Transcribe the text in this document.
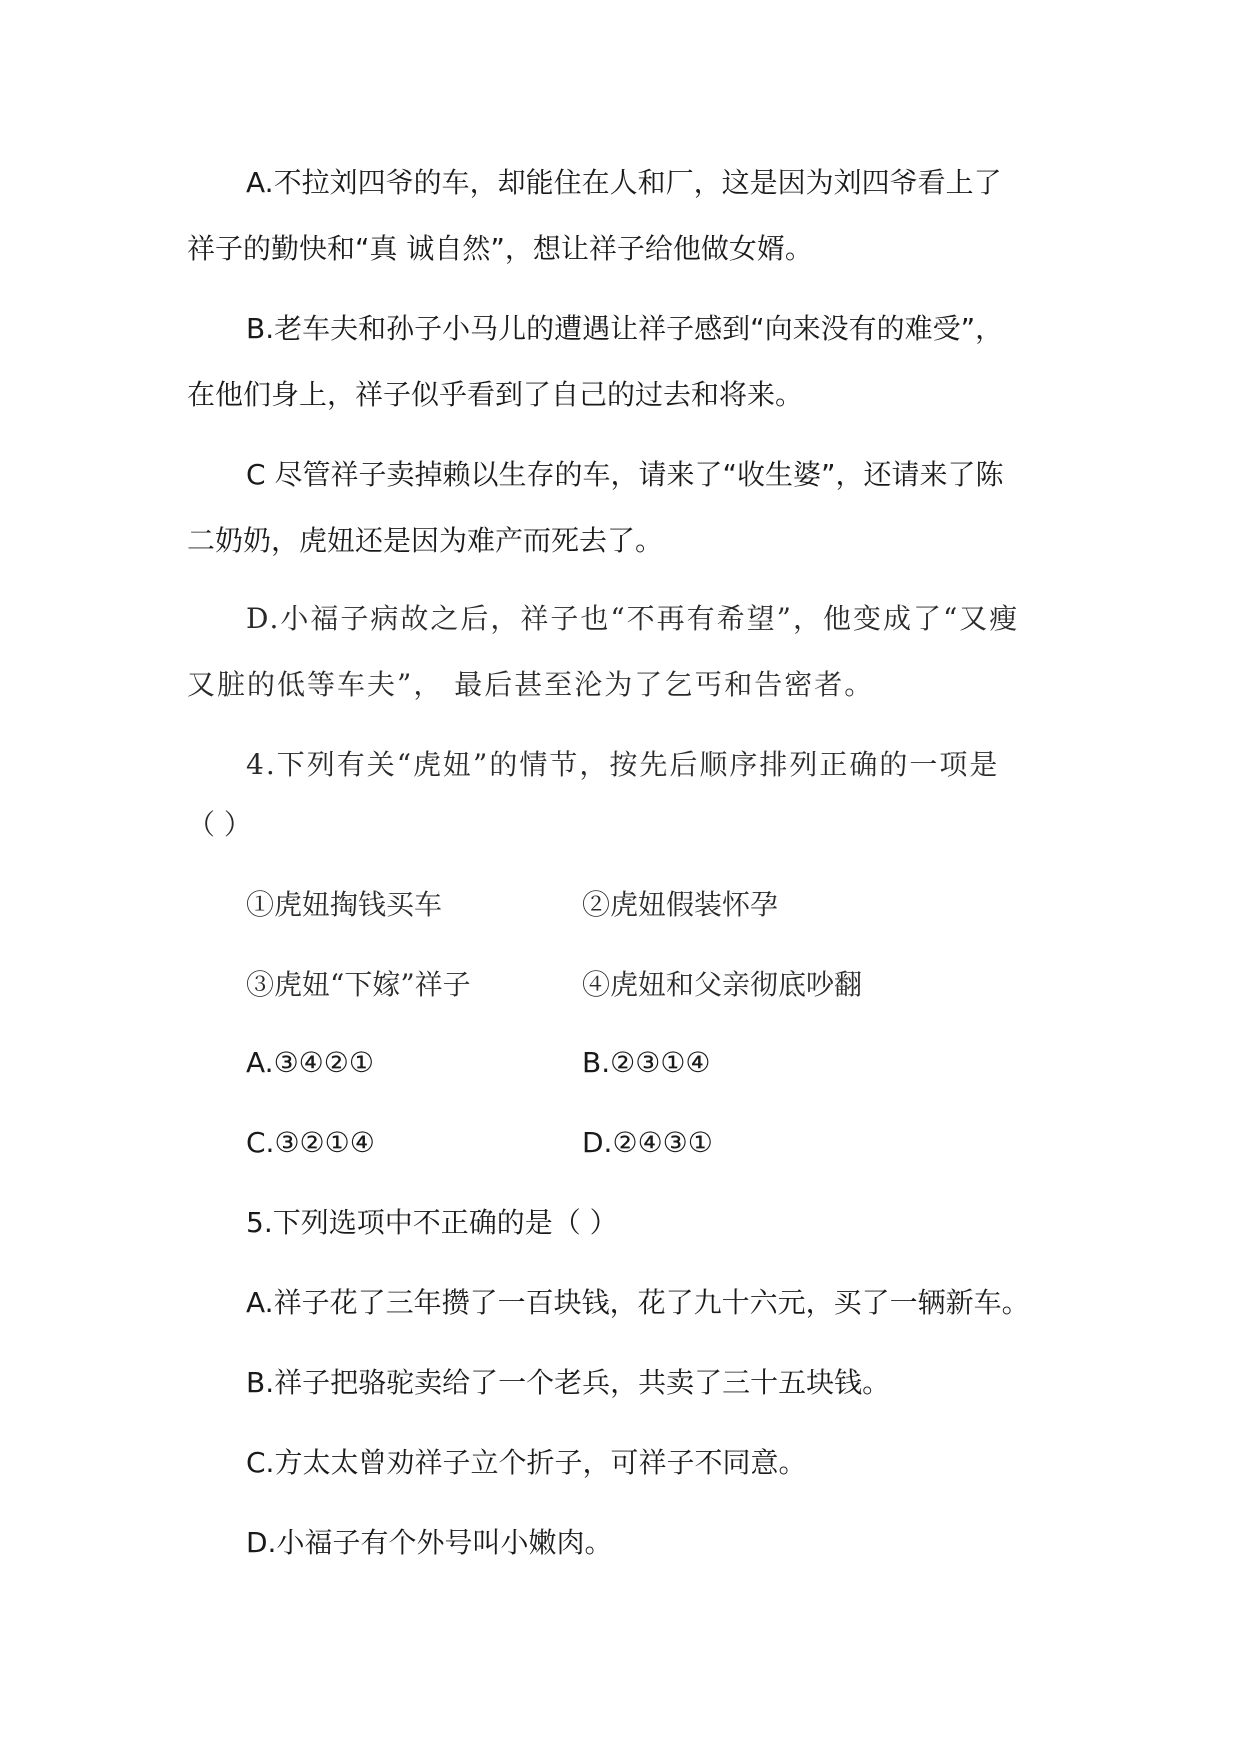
A.不拉刘四爷的车，却能住在人和厂，这是因为刘四爷看上了
祥子的勤快和“真 诚自然”，想让祥子给他做女婿。
B.老车夫和孙子小马儿的遭遇让祥子感到“向来没有的难受”，
在他们身上，祥子似乎看到了自己的过去和将来。
C 尽管祥子卖掉赖以生存的车，请来了“收生婆”，还请来了陈
二奶奶，虎妞还是因为难产而死去了。
D.小福子病故之后，祥子也“不再有希望”，他变成了“又瘦
又脏的低等车夫”， 最后甚至沦为了乞丐和告密者。
4.下列有关“虎妞”的情节，按先后顺序排列正确的一项是
（ ）
①虎妞掏钱买车	②虎妞假装怀孕
③虎妞“下嫁”祥子	④虎妞和父亲彻底吵翻
A.③④②①	B.②③①④
C.③②①④	D.②④③①
5.下列选项中不正确的是（ ）
A.祥子花了三年攒了一百块钱，花了九十六元，买了一辆新车。
B.祥子把骆驼卖给了一个老兵，共卖了三十五块钱。
C.方太太曾劝祥子立个折子，可祥子不同意。
D.小福子有个外号叫小嫩肉。
